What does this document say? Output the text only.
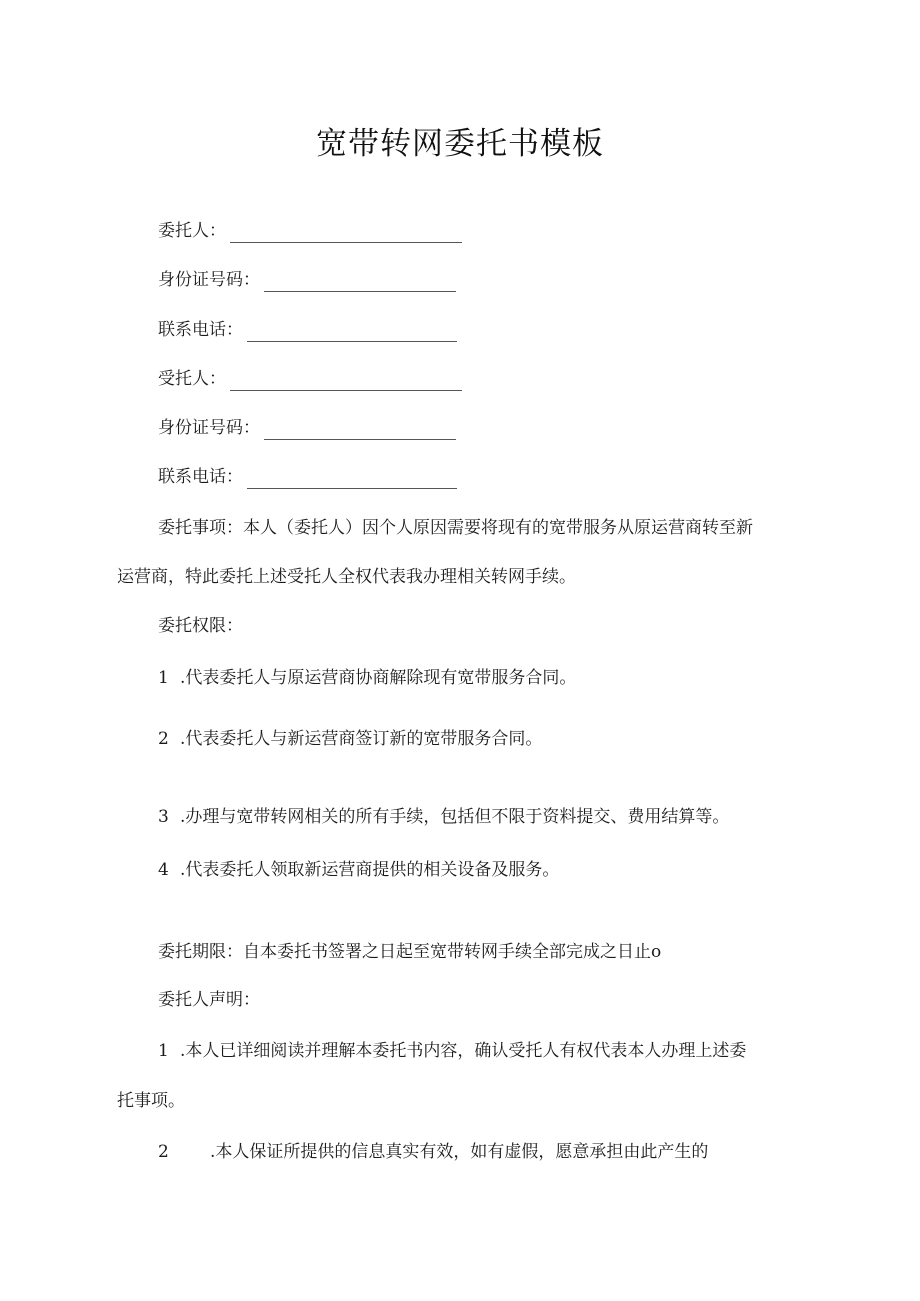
宽带转网委托书模板
委托人：
身份证号码：
联系电话：
受托人：
身份证号码：
联系电话：
委托事项：本人（委托人）因个人原因需要将现有的宽带服务从原运营商转至新
运营商，特此委托上述受托人全权代表我办理相关转网手续。
委托权限：
1 .代表委托人与原运营商协商解除现有宽带服务合同。
2 .代表委托人与新运营商签订新的宽带服务合同。
3 .办理与宽带转网相关的所有手续，包括但不限于资料提交、费用结算等。
4 .代表委托人领取新运营商提供的相关设备及服务。
委托期限：自本委托书签署之日起至宽带转网手续全部完成之日止o
委托人声明：
1 .本人已详细阅读并理解本委托书内容，确认受托人有权代表本人办理上述委
托事项。
2 .本人保证所提供的信息真实有效，如有虚假，愿意承担由此产生的
